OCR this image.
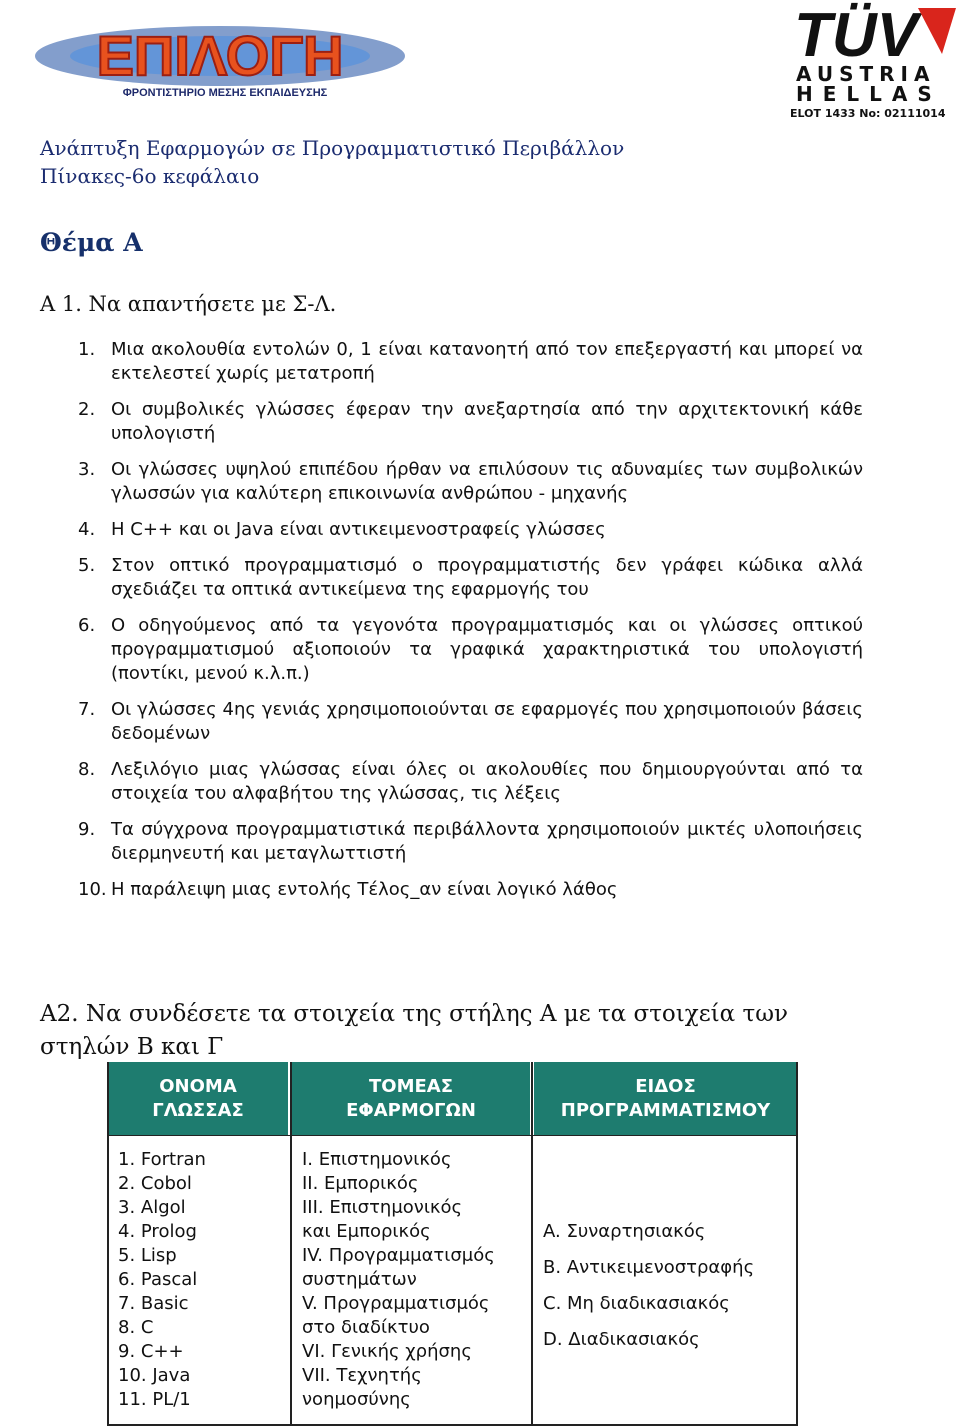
ΕΠΙΛΟΓΗ
ΦΡΟΝΤΙΣΤΗΡΙΟ ΜΕΣΗΣ ΕΚΠΑΙΔΕΥΣΗΣ
TÜV
AUSTRIA
HELLAS
ELOT 1433 No: 02111014
Ανάπτυξη Εφαρμογών σε Προγραμματιστικό Περιβάλλον
Πίνακες-6ο κεφάλαιο
Θέμα Α
Α 1. Να απαντήσετε με Σ-Λ.
1. Μια ακολουθία εντολών 0, 1 είναι κατανοητή από τον επεξεργαστή και μπορεί να εκτελεστεί χωρίς μετατροπή
2. Οι συμβολικές γλώσσες έφεραν την ανεξαρτησία από την αρχιτεκτονική κάθε υπολογιστή
3. Οι γλώσσες υψηλού επιπέδου ήρθαν να επιλύσουν τις αδυναμίες των συμβολικών γλωσσών για καλύτερη επικοινωνία ανθρώπου - μηχανής
4. Η C++ και οι Java είναι αντικειμενοστραφείς γλώσσες
5. Στον οπτικό προγραμματισμό ο προγραμματιστής δεν γράφει κώδικα αλλά σχεδιάζει τα οπτικά αντικείμενα της εφαρμογής του
6. Ο οδηγούμενος από τα γεγονότα προγραμματισμός και οι γλώσσες οπτικού προγραμματισμού αξιοποιούν τα γραφικά χαρακτηριστικά του υπολογιστή (ποντίκι, μενού κ.λ.π.)
7. Οι γλώσσες 4ης γενιάς χρησιμοποιούνται σε εφαρμογές που χρησιμοποιούν βάσεις δεδομένων
8. Λεξιλόγιο μιας γλώσσας είναι όλες οι ακολουθίες που δημιουργούνται από τα στοιχεία του αλφαβήτου της γλώσσας, τις λέξεις
9. Τα σύγχρονα προγραμματιστικά περιβάλλοντα χρησιμοποιούν μικτές υλοποιήσεις διερμηνευτή και μεταγλωττιστή
10. Η παράλειψη μιας εντολής Τέλος_αν είναι λογικό λάθος
Α2. Να συνδέσετε τα στοιχεία της στήλης Α με τα στοιχεία των στηλών Β και Γ
ΟΝΟΜΑ ΓΛΩΣΣΑΣ
ΤΟΜΕΑΣ ΕΦΑΡΜΟΓΩΝ
ΕΙΔΟΣ ΠΡΟΓΡΑΜΜΑΤΙΣΜΟΥ
1. Fortran
2. Cobol
3. Algol
4. Prolog
5. Lisp
6. Pascal
7. Basic
8. C
9. C++
10. Java
11. PL/1
I. Επιστημονικός
II. Εμπορικός
III. Επιστημονικός
και Εμπορικός
IV. Προγραμματισμός
συστημάτων
V. Προγραμματισμός
στο διαδίκτυο
VI. Γενικής χρήσης
VII. Τεχνητής
νοημοσύνης
A. Συναρτησιακός
B. Αντικειμενοστραφής
C. Μη διαδικασιακός
D. Διαδικασιακός
